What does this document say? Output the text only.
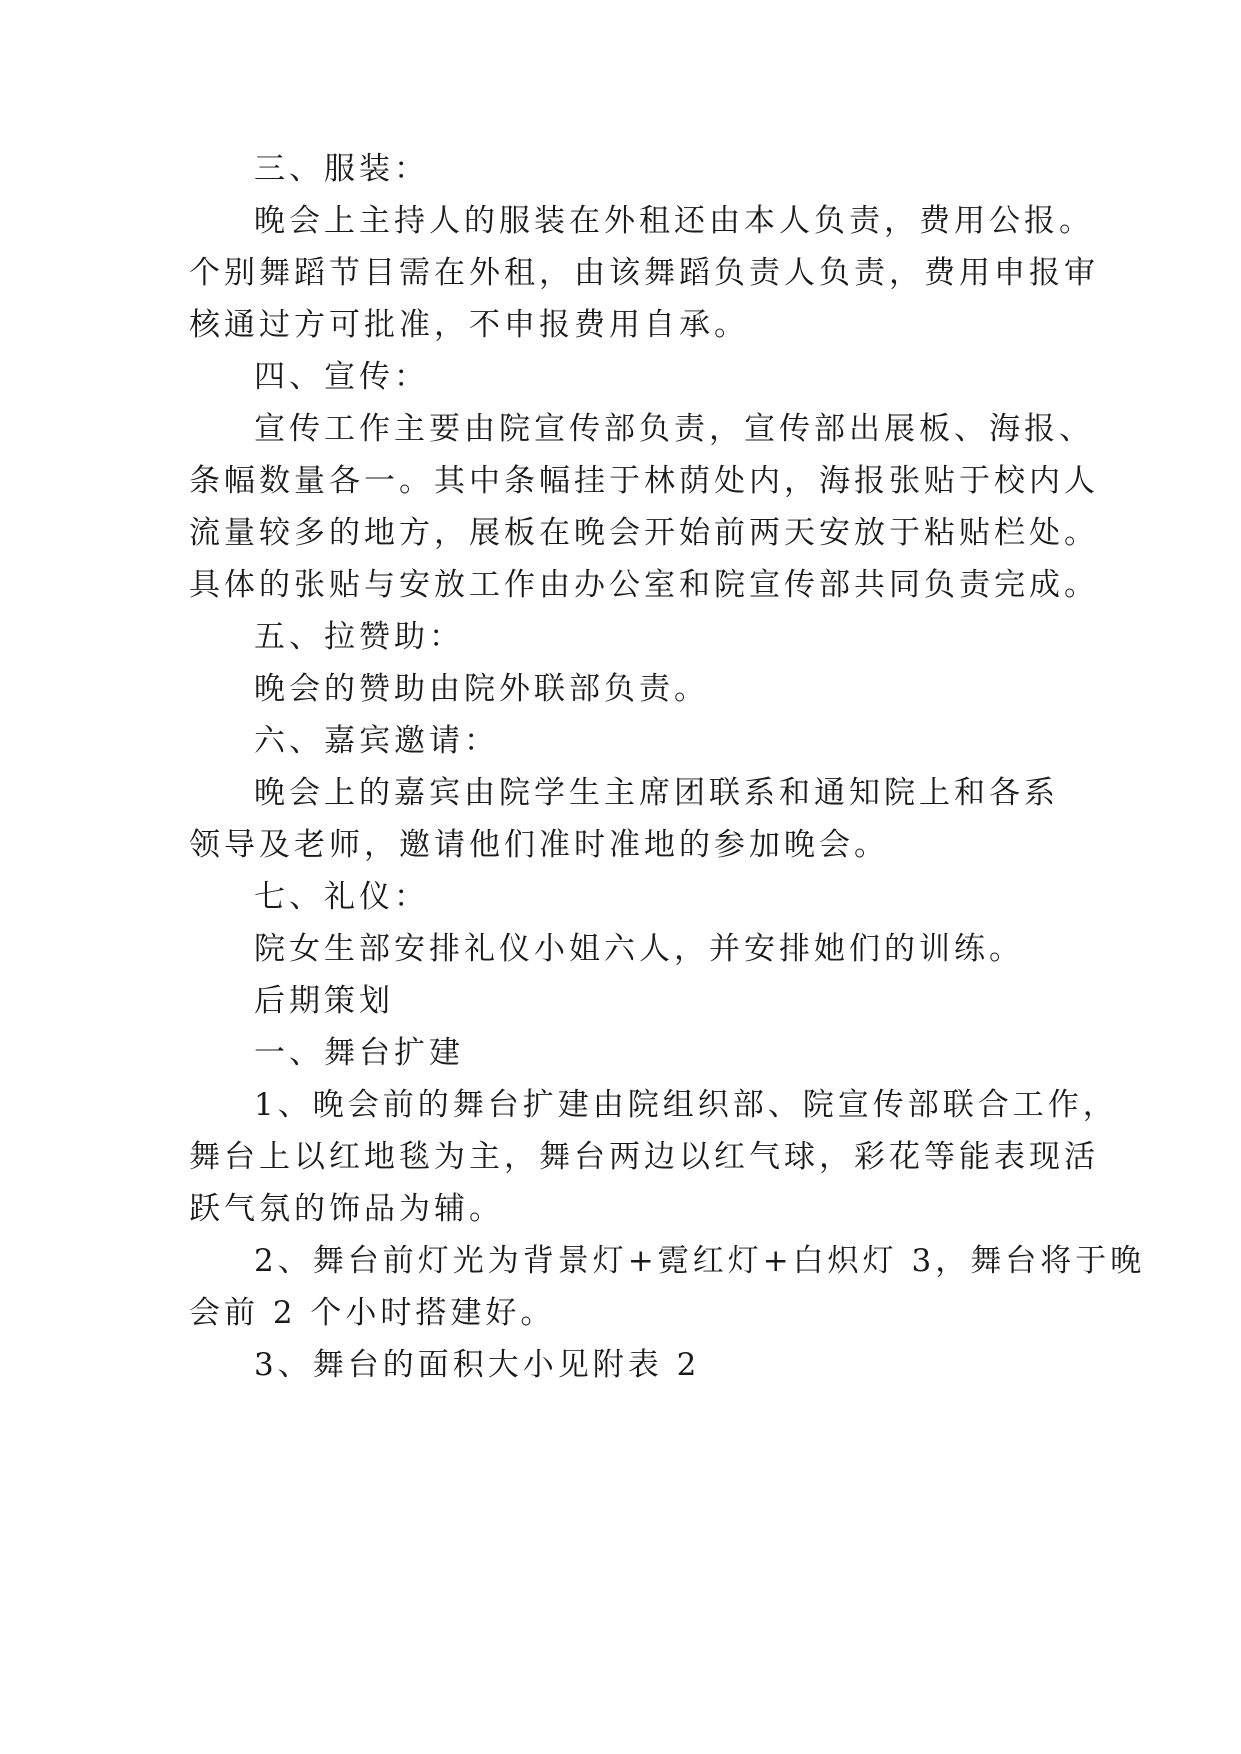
三、服装：
晚会上主持人的服装在外租还由本人负责，费用公报。
个别舞蹈节目需在外租，由该舞蹈负责人负责，费用申报审
核通过方可批准，不申报费用自承。
四、宣传：
宣传工作主要由院宣传部负责，宣传部出展板、海报、
条幅数量各一。其中条幅挂于林荫处内，海报张贴于校内人
流量较多的地方，展板在晚会开始前两天安放于粘贴栏处。
具体的张贴与安放工作由办公室和院宣传部共同负责完成。
五、拉赞助：
晚会的赞助由院外联部负责。
六、嘉宾邀请：
晚会上的嘉宾由院学生主席团联系和通知院上和各系
领导及老师，邀请他们准时准地的参加晚会。
七、礼仪：
院女生部安排礼仪小姐六人，并安排她们的训练。
后期策划
一、舞台扩建
1、晚会前的舞台扩建由院组织部、院宣传部联合工作，
舞台上以红地毯为主，舞台两边以红气球，彩花等能表现活
跃气氛的饰品为辅。
2、舞台前灯光为背景灯+霓红灯+白炽灯 3，舞台将于晚
会前 2 个小时搭建好。
3、舞台的面积大小见附表 2
